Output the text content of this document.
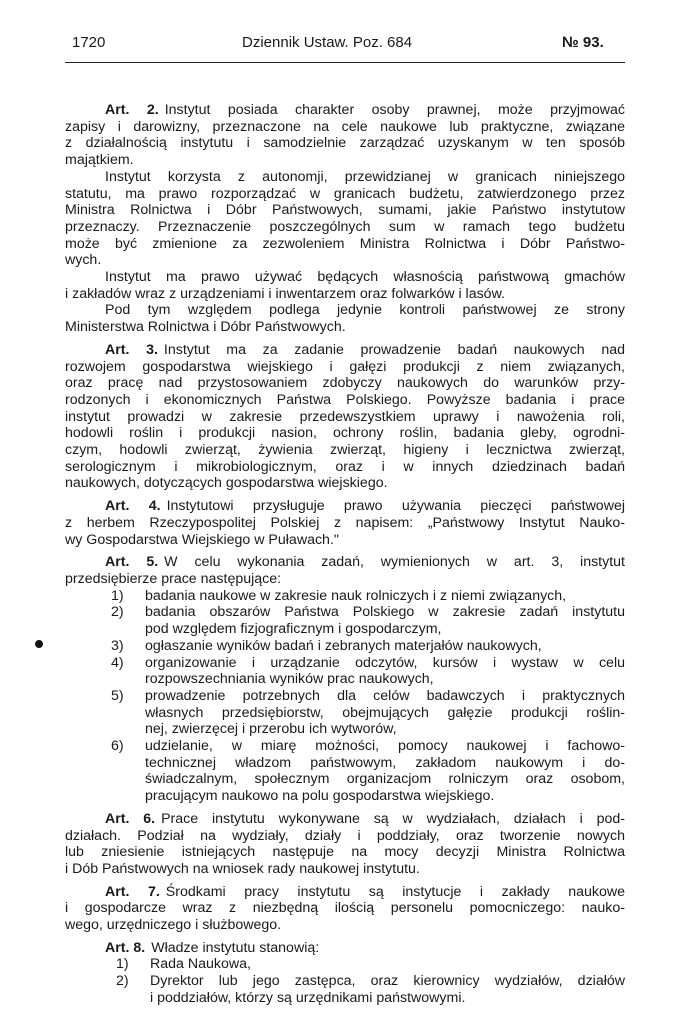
1720	Dziennik Ustaw. Poz. 684	№ 93.
Art. 2. Instytut posiada charakter osoby prawnej, może przyjmować
zapisy i darowizny, przeznaczone na cele naukowe lub praktyczne, związane
z działalnością instytutu i samodzielnie zarządzać uzyskanym w ten sposób
majątkiem.
Instytut korzysta z autonomji, przewidzianej w granicach niniejszego
statutu, ma prawo rozporządzać w granicach budżetu, zatwierdzonego przez
Ministra Rolnictwa i Dóbr Państwowych, sumami, jakie Państwo instytutow
przeznaczy. Przeznaczenie poszczególnych sum w ramach tego budżetu
może być zmienione za zezwoleniem Ministra Rolnictwa i Dóbr Państwo-
wych.
Instytut ma prawo używać będących własnością państwową gmachów
i zakładów wraz z urządzeniami i inwentarzem oraz folwarków i lasów.
Pod tym względem podlega jedynie kontroli państwowej ze strony
Ministerstwa Rolnictwa i Dóbr Państwowych.
Art. 3. Instytut ma za zadanie prowadzenie badań naukowych nad
rozwojem gospodarstwa wiejskiego i gałęzi produkcji z niem związanych,
oraz pracę nad przystosowaniem zdobyczy naukowych do warunków przy-
rodzonych i ekonomicznych Państwa Polskiego. Powyższe badania i prace
instytut prowadzi w zakresie przedewszystkiem uprawy i nawożenia roli,
hodowli roślin i produkcji nasion, ochrony roślin, badania gleby, ogrodni-
czym, hodowli zwierząt, żywienia zwierząt, higieny i lecznictwa zwierząt,
serologicznym i mikrobiologicznym, oraz i w innych dziedzinach badań
naukowych, dotyczących gospodarstwa wiejskiego.
Art. 4. Instytutowi przysługuje prawo używania pieczęci państwowej
z herbem Rzeczypospolitej Polskiej z napisem: „Państwowy Instytut Nauko-
wy Gospodarstwa Wiejskiego w Puławach."
Art. 5. W celu wykonania zadań, wymienionych w art. 3, instytut
przedsiębierze prace następujące:
1) badania naukowe w zakresie nauk rolniczych i z niemi związanych,
2) badania obszarów Państwa Polskiego w zakresie zadań instytutu
pod względem fizjograficznym i gospodarczym,
3) ogłaszanie wyników badań i zebranych materjałów naukowych,
4) organizowanie i urządzanie odczytów, kursów i wystaw w celu
rozpowszechniania wyników prac naukowych,
5) prowadzenie potrzebnych dla celów badawczych i praktycznych
własnych przedsiębiorstw, obejmujących gałęzie produkcji roślin-
nej, zwierzęcej i przerobu ich wytworów,
6) udzielanie, w miarę możności, pomocy naukowej i fachowo-
technicznej władzom państwowym, zakładom naukowym i do-
świadczalnym, społecznym organizacjom rolniczym oraz osobom,
pracującym naukowo na polu gospodarstwa wiejskiego.
Art. 6. Prace instytutu wykonywane są w wydziałach, działach i pod-
działach. Podział na wydziały, działy i poddziały, oraz tworzenie nowych
lub zniesienie istniejących następuje na mocy decyzji Ministra Rolnictwa
i Dób Państwowych na wniosek rady naukowej instytutu.
Art. 7. Środkami pracy instytutu są instytucje i zakłady naukowe
i gospodarcze wraz z niezbędną ilością personelu pomocniczego: nauko-
wego, urzędniczego i służbowego.
Art. 8. Władze instytutu stanowią:
1) Rada Naukowa,
2) Dyrektor lub jego zastępca, oraz kierownicy wydziałów, działów
i poddziałów, którzy są urzędnikami państwowymi.
